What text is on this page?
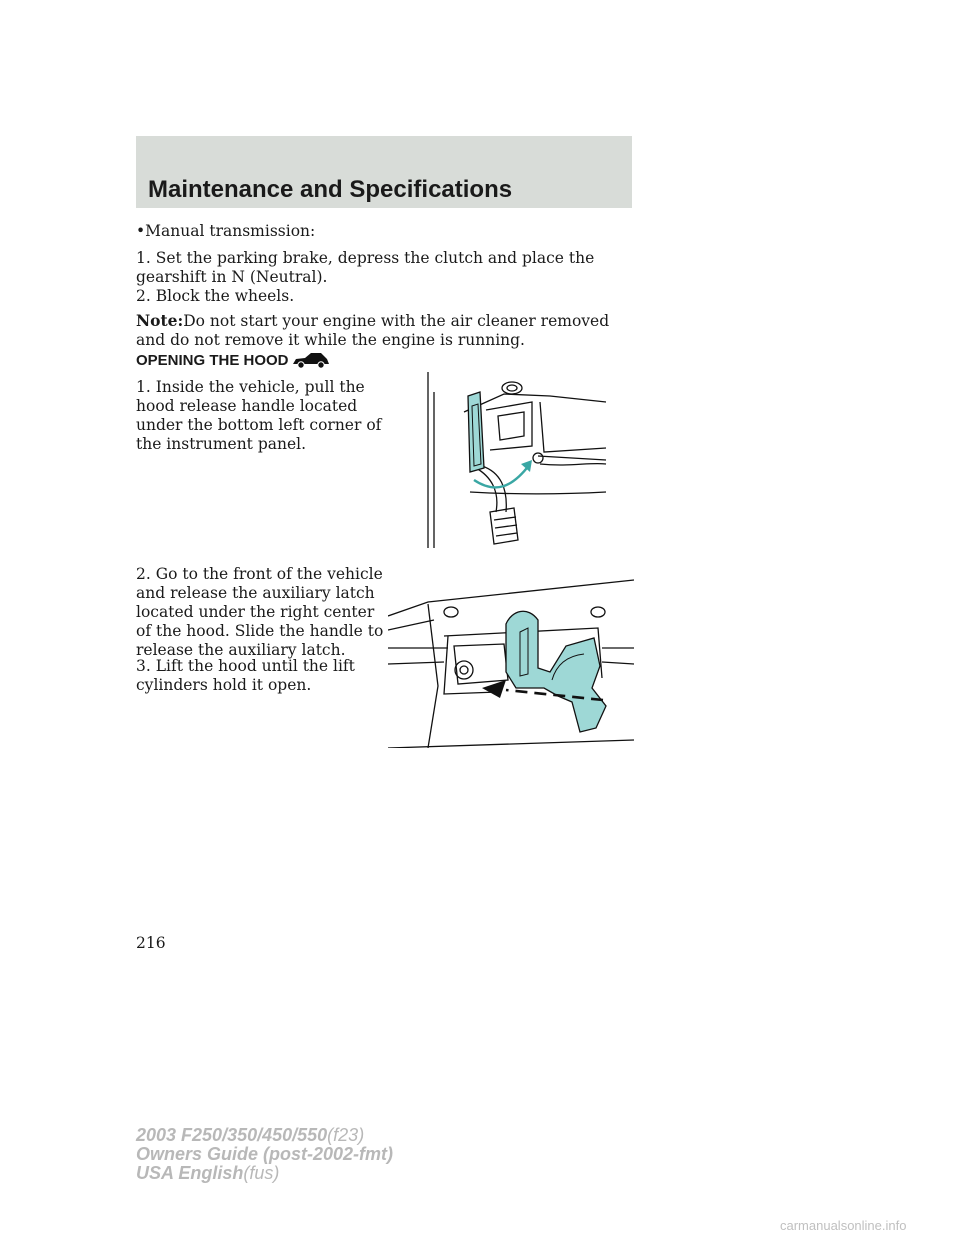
Maintenance and Specifications

•Manual transmission:

1. Set the parking brake, depress the clutch and place the gearshift in N (Neutral).

2. Block the wheels.

Note:Do not start your engine with the air cleaner removed and do not remove it while the engine is running.

OPENING THE HOOD

1. Inside the vehicle, pull the hood release handle located under the bottom left corner of the instrument panel.

2. Go to the front of the vehicle and release the auxiliary latch located under the right center of the hood. Slide the handle to release the auxiliary latch.

3. Lift the hood until the lift cylinders hold it open.

216
2003 F250/350/450/550(f23)
Owners Guide (post-2002-fmt)
USA English(fus)
carmanualsonline.info
